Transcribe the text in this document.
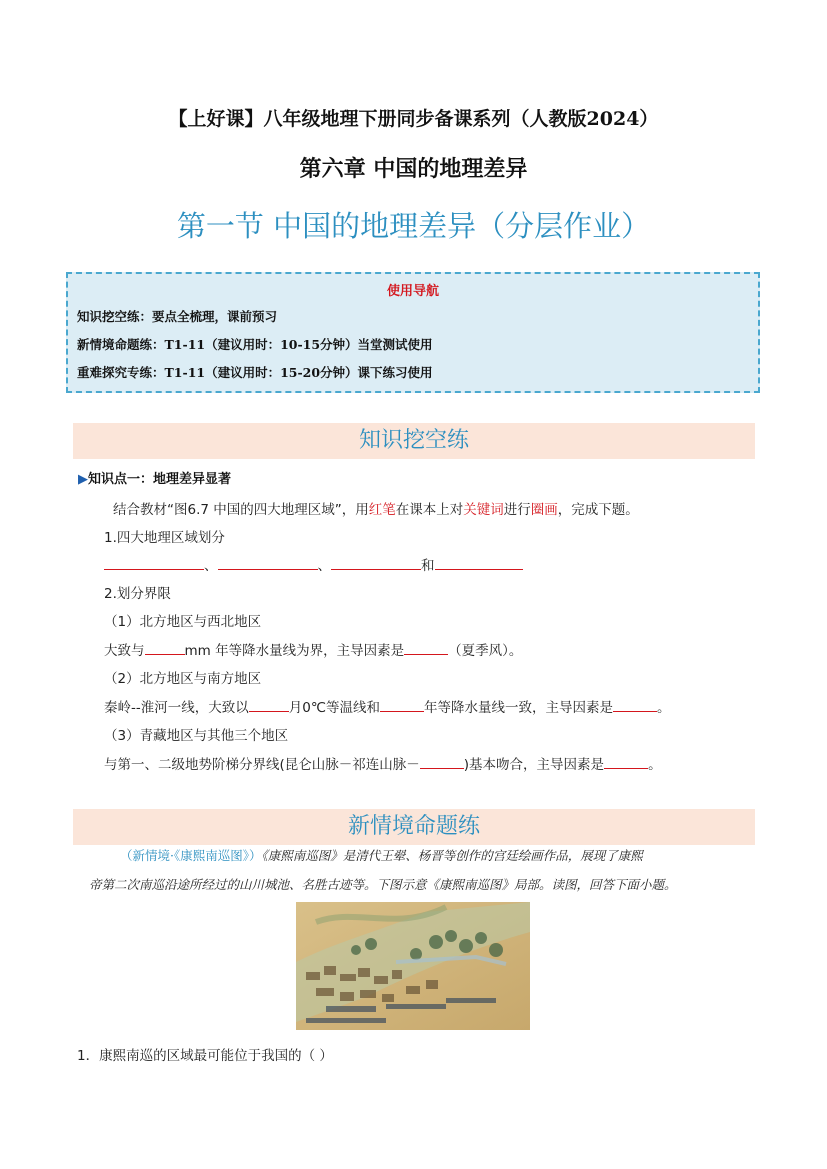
【上好课】八年级地理下册同步备课系列（人教版2024）
第六章 中国的地理差异
第一节 中国的地理差异（分层作业）
使用导航
知识挖空练：要点全梳理，课前预习
新情境命题练：T1-11（建议用时：10-15分钟）当堂测试使用
重难探究专练：T1-11（建议用时：15-20分钟）课下练习使用
知识挖空练
▶知识点一：地理差异显著
结合教材“图6.7 中国的四大地理区域”，用红笔在课本上对关键词进行圈画，完成下题。
1.四大地理区域划分
、	、	和
2.划分界限
（1）北方地区与西北地区
大致与	mm 年等降水量线为界，主导因素是	（夏季风）。
（2）北方地区与南方地区
秦岭--淮河一线，大致以	月0℃等温线和	年等降水量线一致，主导因素是	。
（3）青藏地区与其他三个地区
与第一、二级地势阶梯分界线(昆仑山脉－祁连山脉－	)基本吻合，主导因素是	。
新情境命题练
（新情境·《康熙南巡图》）《康熙南巡图》是清代王翚、杨晋等创作的宫廷绘画作品，展现了康熙
帝第二次南巡沿途所经过的山川城池、名胜古迹等。下图示意《康熙南巡图》局部。读图，回答下面小题。
1．康熙南巡的区域最可能位于我国的（ ）
